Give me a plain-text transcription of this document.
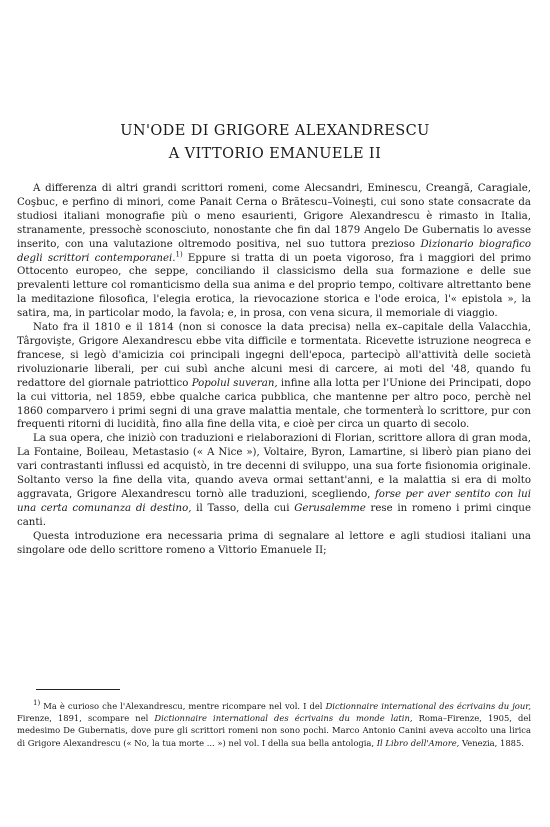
UN'ODE DI GRIGORE ALEXANDRESCU
A VITTORIO EMANUELE II

A differenza di altri grandi scrittori romeni, come Alecsandri, Eminescu, Creangă, Caragiale, Coşbuc, e perfino di minori, come Panait Cerna o Brătescu–Voineşti, cui sono state consacrate da studiosi italiani monografie più o meno esaurienti, Grigore Alexandrescu è rimasto in Italia, stranamente, pressochè sconosciuto, nonostante che fin dal 1879 Angelo De Gubernatis lo avesse inserito, con una valutazione oltremodo positiva, nel suo tuttora prezioso Dizionario biografico degli scrittori contemporanei.$^{1)}$ Eppure si tratta di un poeta vigoroso, fra i maggiori del primo Ottocento europeo, che seppe, conciliando il classicismo della sua formazione e delle sue prevalenti letture col romanticismo della sua anima e del proprio tempo, coltivare altrettanto bene la meditazione filosofica, l'elegia erotica, la rievocazione storica e l'ode eroica, l'« epistola », la satira, ma, in particolar modo, la favola; e, in prosa, con vena sicura, il memoriale di viaggio.

Nato fra il 1810 e il 1814 (non si conosce la data precisa) nella ex–capitale della Valacchia, Târgovişte, Grigore Alexandrescu ebbe vita difficile e tormentata. Ricevette istruzione neogreca e francese, si legò d'amicizia coi principali ingegni dell'epoca, partecipò all'attività delle società rivoluzionarie liberali, per cui subì anche alcuni mesi di carcere, ai moti del '48, quando fu redattore del giornale patriottico Popolul suveran, infine alla lotta per l'Unione dei Principati, dopo la cui vittoria, nel 1859, ebbe qualche carica pubblica, che mantenne per altro poco, perchè nel 1860 comparvero i primi segni di una grave malattia mentale, che tormenterà lo scrittore, pur con frequenti ritorni di lucidità, fino alla fine della vita, e cioè per circa un quarto di secolo.

La sua opera, che iniziò con traduzioni e rielaborazioni di Florian, scrittore allora di gran moda, La Fontaine, Boileau, Metastasio (« A Nice »), Voltaire, Byron, Lamartine, si liberò pian piano dei vari contrastanti influssi ed acquistò, in tre decenni di sviluppo, una sua forte fisionomia originale. Soltanto verso la fine della vita, quando aveva ormai settant'anni, e la malattia si era di molto aggravata, Grigore Alexandrescu tornò alle traduzioni, scegliendo, forse per aver sentito con lui una certa comunanza di destino, il Tasso, della cui Gerusalemme rese in romeno i primi cinque canti.

Questa introduzione era necessaria prima di segnalare al lettore e agli studiosi italiani una singolare ode dello scrittore romeno a Vittorio Emanuele II;

$^{1)}$ Ma è curioso che l'Alexandrescu, mentre ricompare nel vol. I del Dictionnaire international des écrivains du jour, Firenze, 1891, scompare nel Dictionnaire international des écrivains du monde latin, Roma–Firenze, 1905, del medesimo De Gubernatis, dove pure gli scrittori romeni non sono pochi. Marco Antonio Canini aveva accolto una lirica di Grigore Alexandrescu (« No, la tua morte ... ») nel vol. I della sua bella antologia, Il Libro dell'Amore, Venezia, 1885.
